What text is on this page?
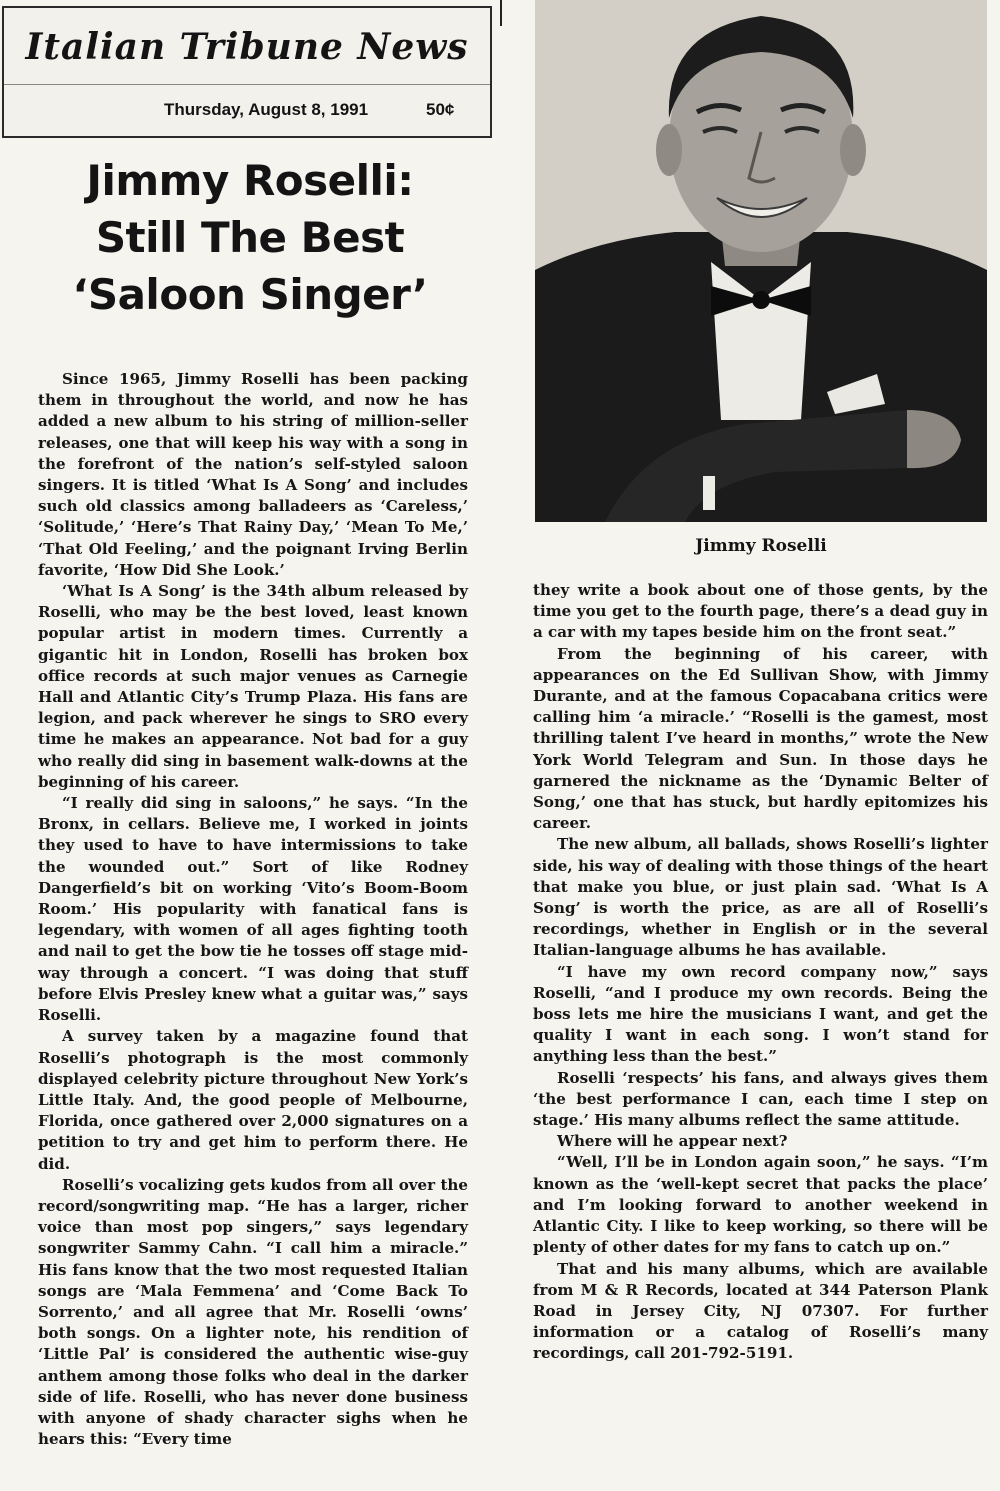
Italian Tribune News
Thursday, August 8, 1991	50¢
Jimmy Roselli:
Still The Best
‘Saloon Singer’
Jimmy Roselli

Since 1965, Jimmy Roselli has been packing them in throughout the world, and now he has added a new album to his string of million-seller releases, one that will keep his way with a song in the forefront of the nation’s self-styled saloon singers. It is titled ‘What Is A Song’ and includes such old classics among balladeers as ‘Careless,’ ‘Solitude,’ ‘Here’s That Rainy Day,’ ‘Mean To Me,’ ‘That Old Feeling,’ and the poignant Irving Berlin favorite, ‘How Did She Look.’

‘What Is A Song’ is the 34th album released by Roselli, who may be the best loved, least known popular artist in modern times. Currently a gigantic hit in London, Roselli has broken box office records at such major venues as Carnegie Hall and Atlantic City’s Trump Plaza. His fans are legion, and pack wherever he sings to SRO every time he makes an appearance. Not bad for a guy who really did sing in basement walk-downs at the beginning of his career.

“I really did sing in saloons,” he says. “In the Bronx, in cellars. Believe me, I worked in joints they used to have to have intermissions to take the wounded out.” Sort of like Rodney Dangerfield’s bit on working ‘Vito’s Boom-Boom Room.’ His popularity with fanatical fans is legendary, with women of all ages fighting tooth and nail to get the bow tie he tosses off stage mid-way through a concert. “I was doing that stuff before Elvis Presley knew what a guitar was,” says Roselli.

A survey taken by a magazine found that Roselli’s photograph is the most commonly displayed celebrity picture throughout New York’s Little Italy. And, the good people of Melbourne, Florida, once gathered over 2,000 signatures on a petition to try and get him to perform there. He did.

Roselli’s vocalizing gets kudos from all over the record/songwriting map. “He has a larger, richer voice than most pop singers,” says legendary songwriter Sammy Cahn. “I call him a miracle.” His fans know that the two most requested Italian songs are ‘Mala Femmena’ and ‘Come Back To Sorrento,’ and all agree that Mr. Roselli ‘owns’ both songs. On a lighter note, his rendition of ‘Little Pal’ is considered the authentic wise-guy anthem among those folks who deal in the darker side of life. Roselli, who has never done business with anyone of shady character sighs when he hears this: “Every time

they write a book about one of those gents, by the time you get to the fourth page, there’s a dead guy in a car with my tapes beside him on the front seat.”

From the beginning of his career, with appearances on the Ed Sullivan Show, with Jimmy Durante, and at the famous Copacabana critics were calling him ‘a miracle.’ “Roselli is the gamest, most thrilling talent I’ve heard in months,” wrote the New York World Telegram and Sun. In those days he garnered the nickname as the ‘Dynamic Belter of Song,’ one that has stuck, but hardly epitomizes his career.

The new album, all ballads, shows Roselli’s lighter side, his way of dealing with those things of the heart that make you blue, or just plain sad. ‘What Is A Song’ is worth the price, as are all of Roselli’s recordings, whether in English or in the several Italian-language albums he has available.

“I have my own record company now,” says Roselli, “and I produce my own records. Being the boss lets me hire the musicians I want, and get the quality I want in each song. I won’t stand for anything less than the best.”

Roselli ‘respects’ his fans, and always gives them ‘the best performance I can, each time I step on stage.’ His many albums reflect the same attitude.

Where will he appear next?

“Well, I’ll be in London again soon,” he says. “I’m known as the ‘well-kept secret that packs the place’ and I’m looking forward to another weekend in Atlantic City. I like to keep working, so there will be plenty of other dates for my fans to catch up on.”

That and his many albums, which are available from M & R Records, located at 344 Paterson Plank Road in Jersey City, NJ 07307. For further information or a catalog of Roselli’s many recordings, call 201-792-5191.
